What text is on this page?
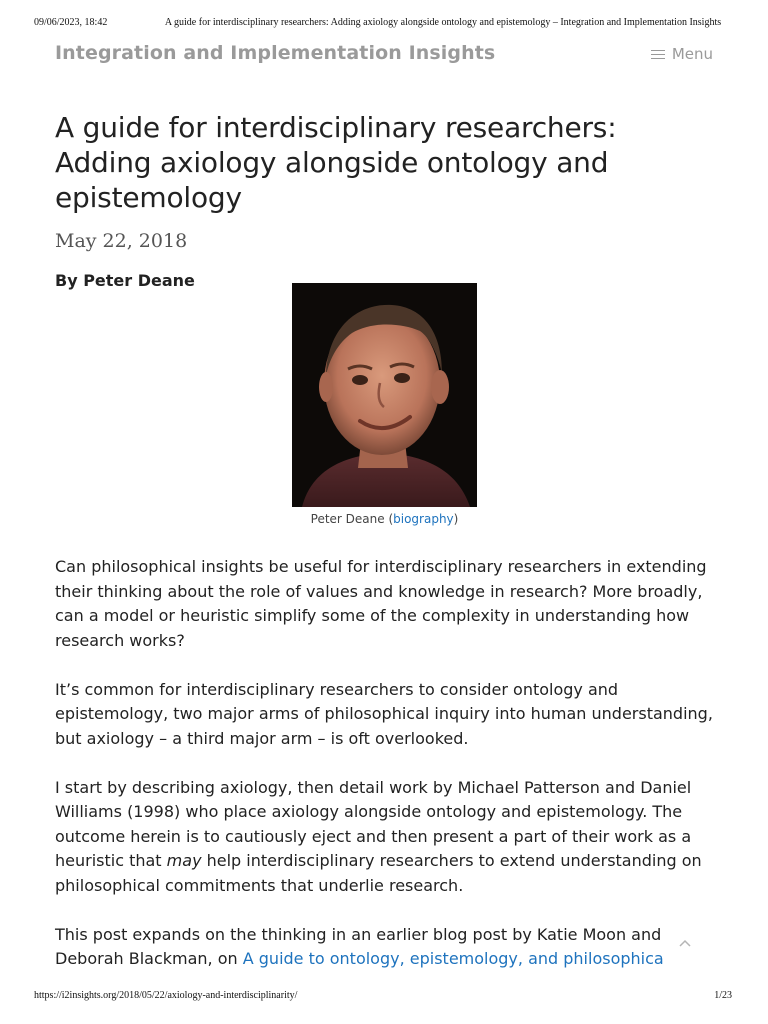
09/06/2023, 18:42	A guide for interdisciplinary researchers: Adding axiology alongside ontology and epistemology – Integration and Implementation Insights
Integration and Implementation Insights	Menu
A guide for interdisciplinary researchers: Adding axiology alongside ontology and epistemology
May 22, 2018
By Peter Deane
Peter Deane (biography)

Can philosophical insights be useful for interdisciplinary researchers in extending their thinking about the role of values and knowledge in research? More broadly, can a model or heuristic simplify some of the complexity in understanding how research works?

It’s common for interdisciplinary researchers to consider ontology and epistemology, two major arms of philosophical inquiry into human understanding, but axiology – a third major arm – is oft overlooked.

I start by describing axiology, then detail work by Michael Patterson and Daniel Williams (1998) who place axiology alongside ontology and epistemology. The outcome herein is to cautiously eject and then present a part of their work as a heuristic that may help interdisciplinary researchers to extend understanding on philosophical commitments that underlie research.

This post expands on the thinking in an earlier blog post by Katie Moon and Deborah Blackman, on A guide to ontology, epistemology, and philosophica

https://i2insights.org/2018/05/22/axiology-and-interdisciplinarity/	1/23
